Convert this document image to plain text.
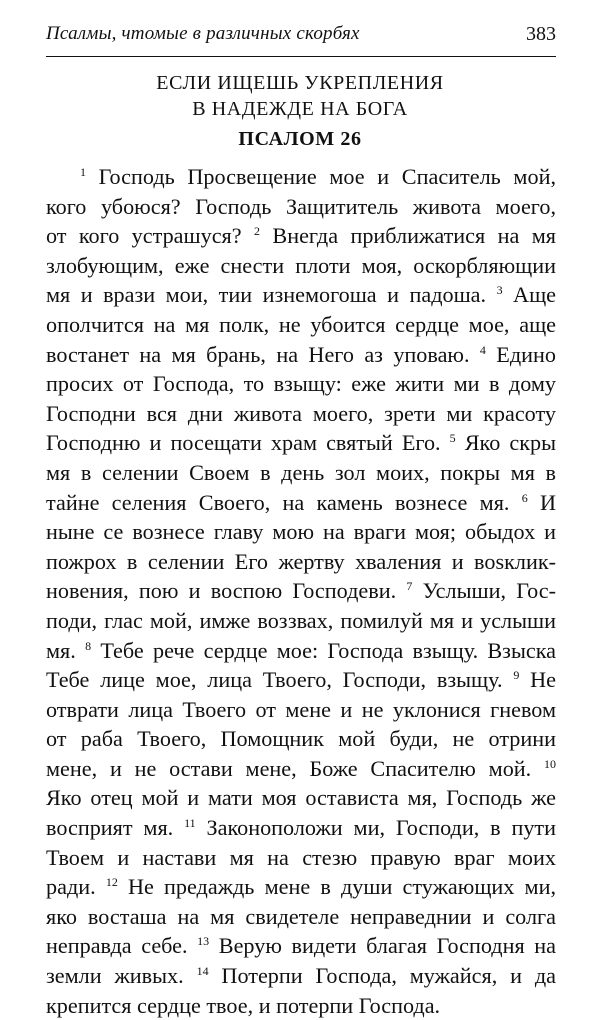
Псалмы, чтомые в различных скорбях	383
ЕСЛИ ИЩЕШЬ УКРЕПЛЕНИЯ
В НАДЕЖДЕ НА БОГА
ПСАЛОМ 26
$^1$ Господь Просвещение мое и Спаситель мой,
кого убоюся? Господь Защититель живота моего,
от кого устрашуся? $^2$ Внегда приближатися на мя
злобующим, еже снести плоти моя, оскорбляющии
мя и врази мои, тии изнемогоша и падоша. $^3$ Аще
ополчится на мя полк, не убоится сердце мое, аще
востанет на мя брань, на Него аз уповаю. $^4$ Едино
просих от Господа, то взыщу: еже жити ми в дому
Господни вся дни живота моего, зрети ми красоту
Господню и посещати храм святый Его. $^5$ Яко скры
мя в селении Своем в день зол моих, покры мя в
тайне селения Своего, на камень вознесе мя. $^6$ И
ныне се вознесе главу мою на враги моя; обыдох и
пожрох в селении Его жертву хваления и воsклик-
новения, пою и воспою Господеви. $^7$ Услыши, Гос-
поди, глас мой, имже воззвах, помилуй мя и услыши
мя. $^8$ Тебе рече сердце мое: Господа взыщу. Взыска
Тебе лице мое, лица Твоего, Господи, взыщу. $^9$ Не
отврати лица Твоего от мене и не уклонися гневом
от раба Твоего, Помощник мой буди, не отрини
мене, и не остави мене, Боже Спасителю мой. $^{10}$
Яко отец мой и мати моя остависта мя, Господь же
восприят мя. $^{11}$ Законоположи ми, Господи, в пути
Твоем и настави мя на стезю правую враг моих
ради. $^{12}$ Не предаждь мене в души стужающих ми,
яко восташа на мя свидетеле неправеднии и солга
неправда себе. $^{13}$ Верую видети благая Господня на
земли живых. $^{14}$ Потерпи Господа, мужайся, и да
крепится сердце твое, и потерпи Господа.
